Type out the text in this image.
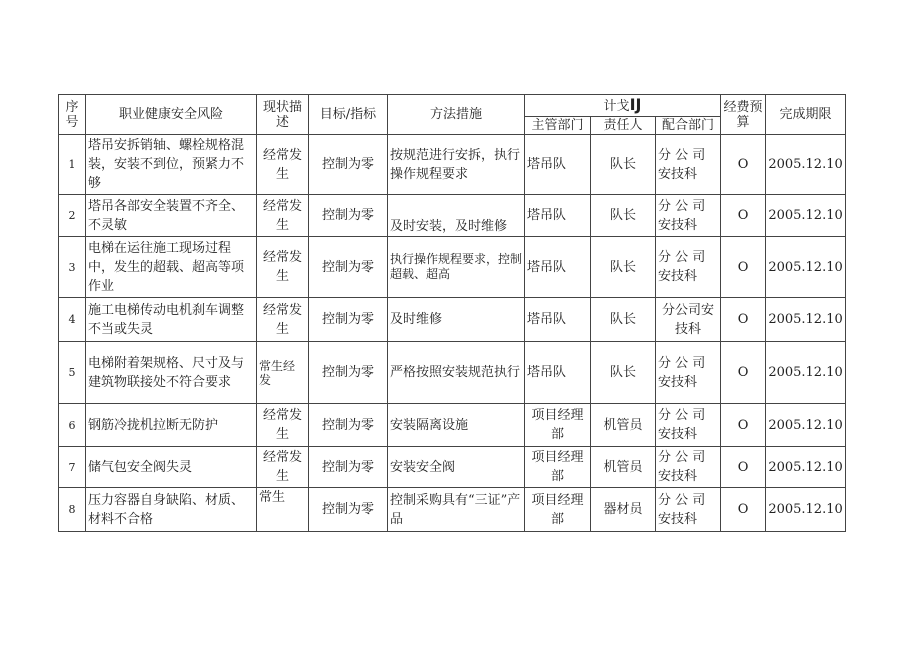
序号	职业健康安全风险	现状描述	目标/指标	方法措施	计戈IJ			经费预算	完成期限
					主管部门	责任人	配合部门		
1	塔吊安拆销轴、螺栓规格混装，安装不到位，预紧力不够	经常发生	控制为零	按规范进行安拆，执行操作规程要求	塔吊队	队长	分 公 司安技科	O	2005.12.10
2	塔吊各部安全装置不齐全、不灵敏	经常发生	控制为零	及时安装，及时维修	塔吊队	队长	分 公 司安技科	O	2005.12.10
3	电梯在运往施工现场过程中，发生的超载、超高等项作业	经常发生	控制为零	执行操作规程要求，控制超载、超高	塔吊队	队长	分 公 司安技科	O	2005.12.10
4	施工电梯传动电机刹车调整不当或失灵	经常发生	控制为零	及时维修	塔吊队	队长	分公司安技科	O	2005.12.10
5	电梯附着架规格、尺寸及与建筑物联接处不符合要求	常生经发	控制为零	严格按照安装规范执行	塔吊队	队长	分 公 司安技科	O	2005.12.10
6	钢筋冷拢机拉断无防护	经常发生	控制为零	安装隔离设施	项目经理部	机管员	分 公 司安技科	O	2005.12.10
7	储气包安全阀失灵	经常发生	控制为零	安装安全阀	项目经理部	机管员	分 公 司安技科	O	2005.12.10
8	压力容器自身缺陷、材质、材料不合格	常生	控制为零	控制采购具有“三证”产品	项目经理部	器材员	分 公 司安技科	O	2005.12.10
